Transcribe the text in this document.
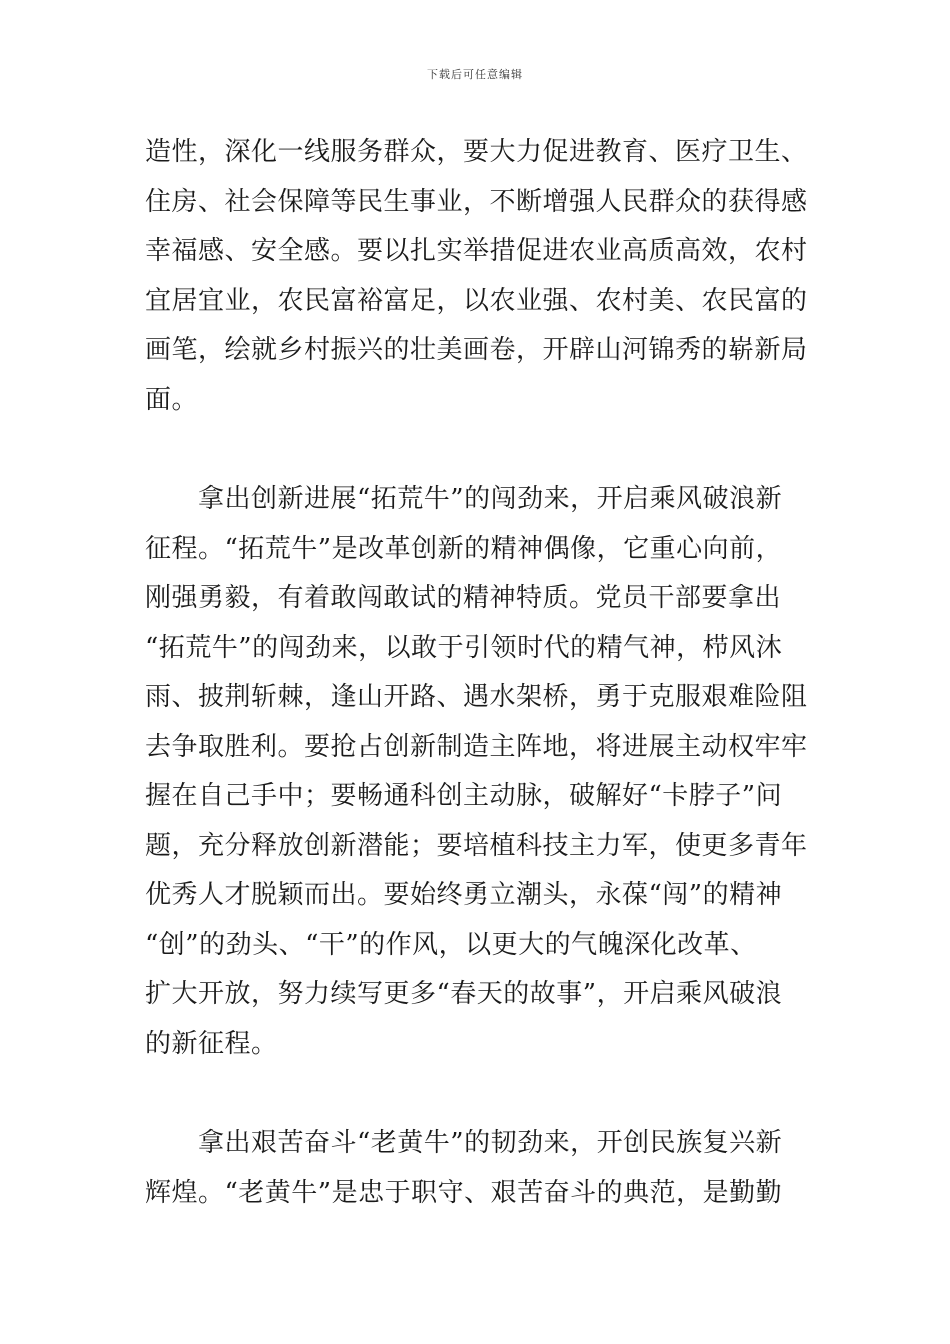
下载后可任意编辑
造性，深化一线服务群众，要大力促进教育、医疗卫生、
住房、社会保障等民生事业，不断增强人民群众的获得感
幸福感、安全感。要以扎实举措促进农业高质高效，农村
宜居宜业，农民富裕富足，以农业强、农村美、农民富的
画笔，绘就乡村振兴的壮美画卷，开辟山河锦秀的崭新局
面。
　　拿出创新进展“拓荒牛”的闯劲来，开启乘风破浪新
征程。“拓荒牛”是改革创新的精神偶像，它重心向前，
刚强勇毅，有着敢闯敢试的精神特质。党员干部要拿出
“拓荒牛”的闯劲来，以敢于引领时代的精气神，栉风沐
雨、披荆斩棘，逢山开路、遇水架桥，勇于克服艰难险阻
去争取胜利。要抢占创新制造主阵地，将进展主动权牢牢
握在自己手中；要畅通科创主动脉，破解好“卡脖子”问
题，充分释放创新潜能；要培植科技主力军，使更多青年
优秀人才脱颖而出。要始终勇立潮头，永葆“闯”的精神
“创”的劲头、“干”的作风，以更大的气魄深化改革、
扩大开放，努力续写更多“春天的故事”，开启乘风破浪
的新征程。
　　拿出艰苦奋斗“老黄牛”的韧劲来，开创民族复兴新
辉煌。“老黄牛”是忠于职守、艰苦奋斗的典范，是勤勤
